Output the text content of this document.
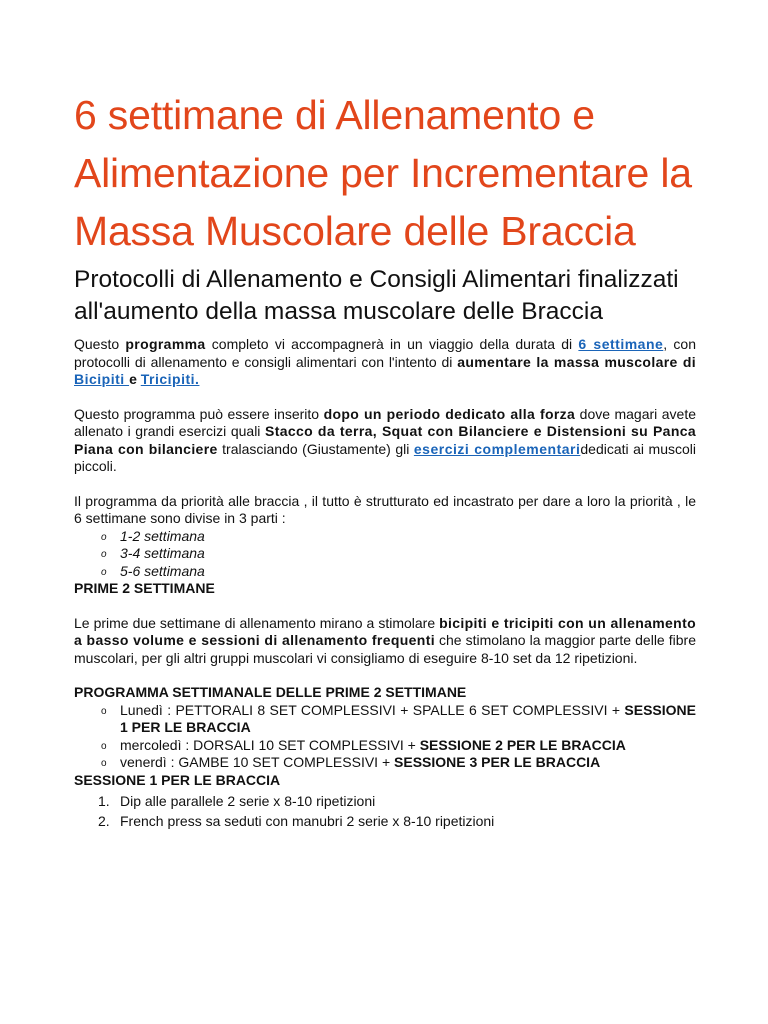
6 settimane di Allenamento e Alimentazione per Incrementare la Massa Muscolare delle Braccia
Protocolli di Allenamento e Consigli Alimentari finalizzati all'aumento della massa muscolare delle Braccia

Questo programma completo vi accompagnerà in un viaggio della durata di 6 settimane, con protocolli di allenamento e consigli alimentari con l'intento di aumentare la massa muscolare di Bicipiti e Tricipiti.

Questo programma può essere inserito dopo un periodo dedicato alla forza dove magari avete allenato i grandi esercizi quali Stacco da terra, Squat con Bilanciere e Distensioni su Panca Piana con bilanciere tralasciando (Giustamente) gli esercizi complementaridedicati ai muscoli piccoli.

Il programma da priorità alle braccia , il tutto è strutturato ed incastrato per dare a loro la priorità , le 6 settimane sono divise in 3 parti :

o 1-2 settimana
o 3-4 settimana
o 5-6 settimana
PRIME 2 SETTIMANE

Le prime due settimane di allenamento mirano a stimolare bicipiti e tricipiti con un allenamento a basso volume e sessioni di allenamento frequenti che stimolano la maggior parte delle fibre muscolari, per gli altri gruppi muscolari vi consigliamo di eseguire 8-10 set da 12 ripetizioni.

PROGRAMMA SETTIMANALE DELLE PRIME 2 SETTIMANE
o Lunedì : PETTORALI 8 SET COMPLESSIVI + SPALLE 6 SET COMPLESSIVI + SESSIONE 1 PER LE BRACCIA
o mercoledì : DORSALI 10 SET COMPLESSIVI + SESSIONE 2 PER LE BRACCIA
o venerdì : GAMBE 10 SET COMPLESSIVI + SESSIONE 3 PER LE BRACCIA
SESSIONE 1 PER LE BRACCIA
1. Dip alle parallele 2 serie x 8-10 ripetizioni
2. French press sa seduti con manubri 2 serie x 8-10 ripetizioni
